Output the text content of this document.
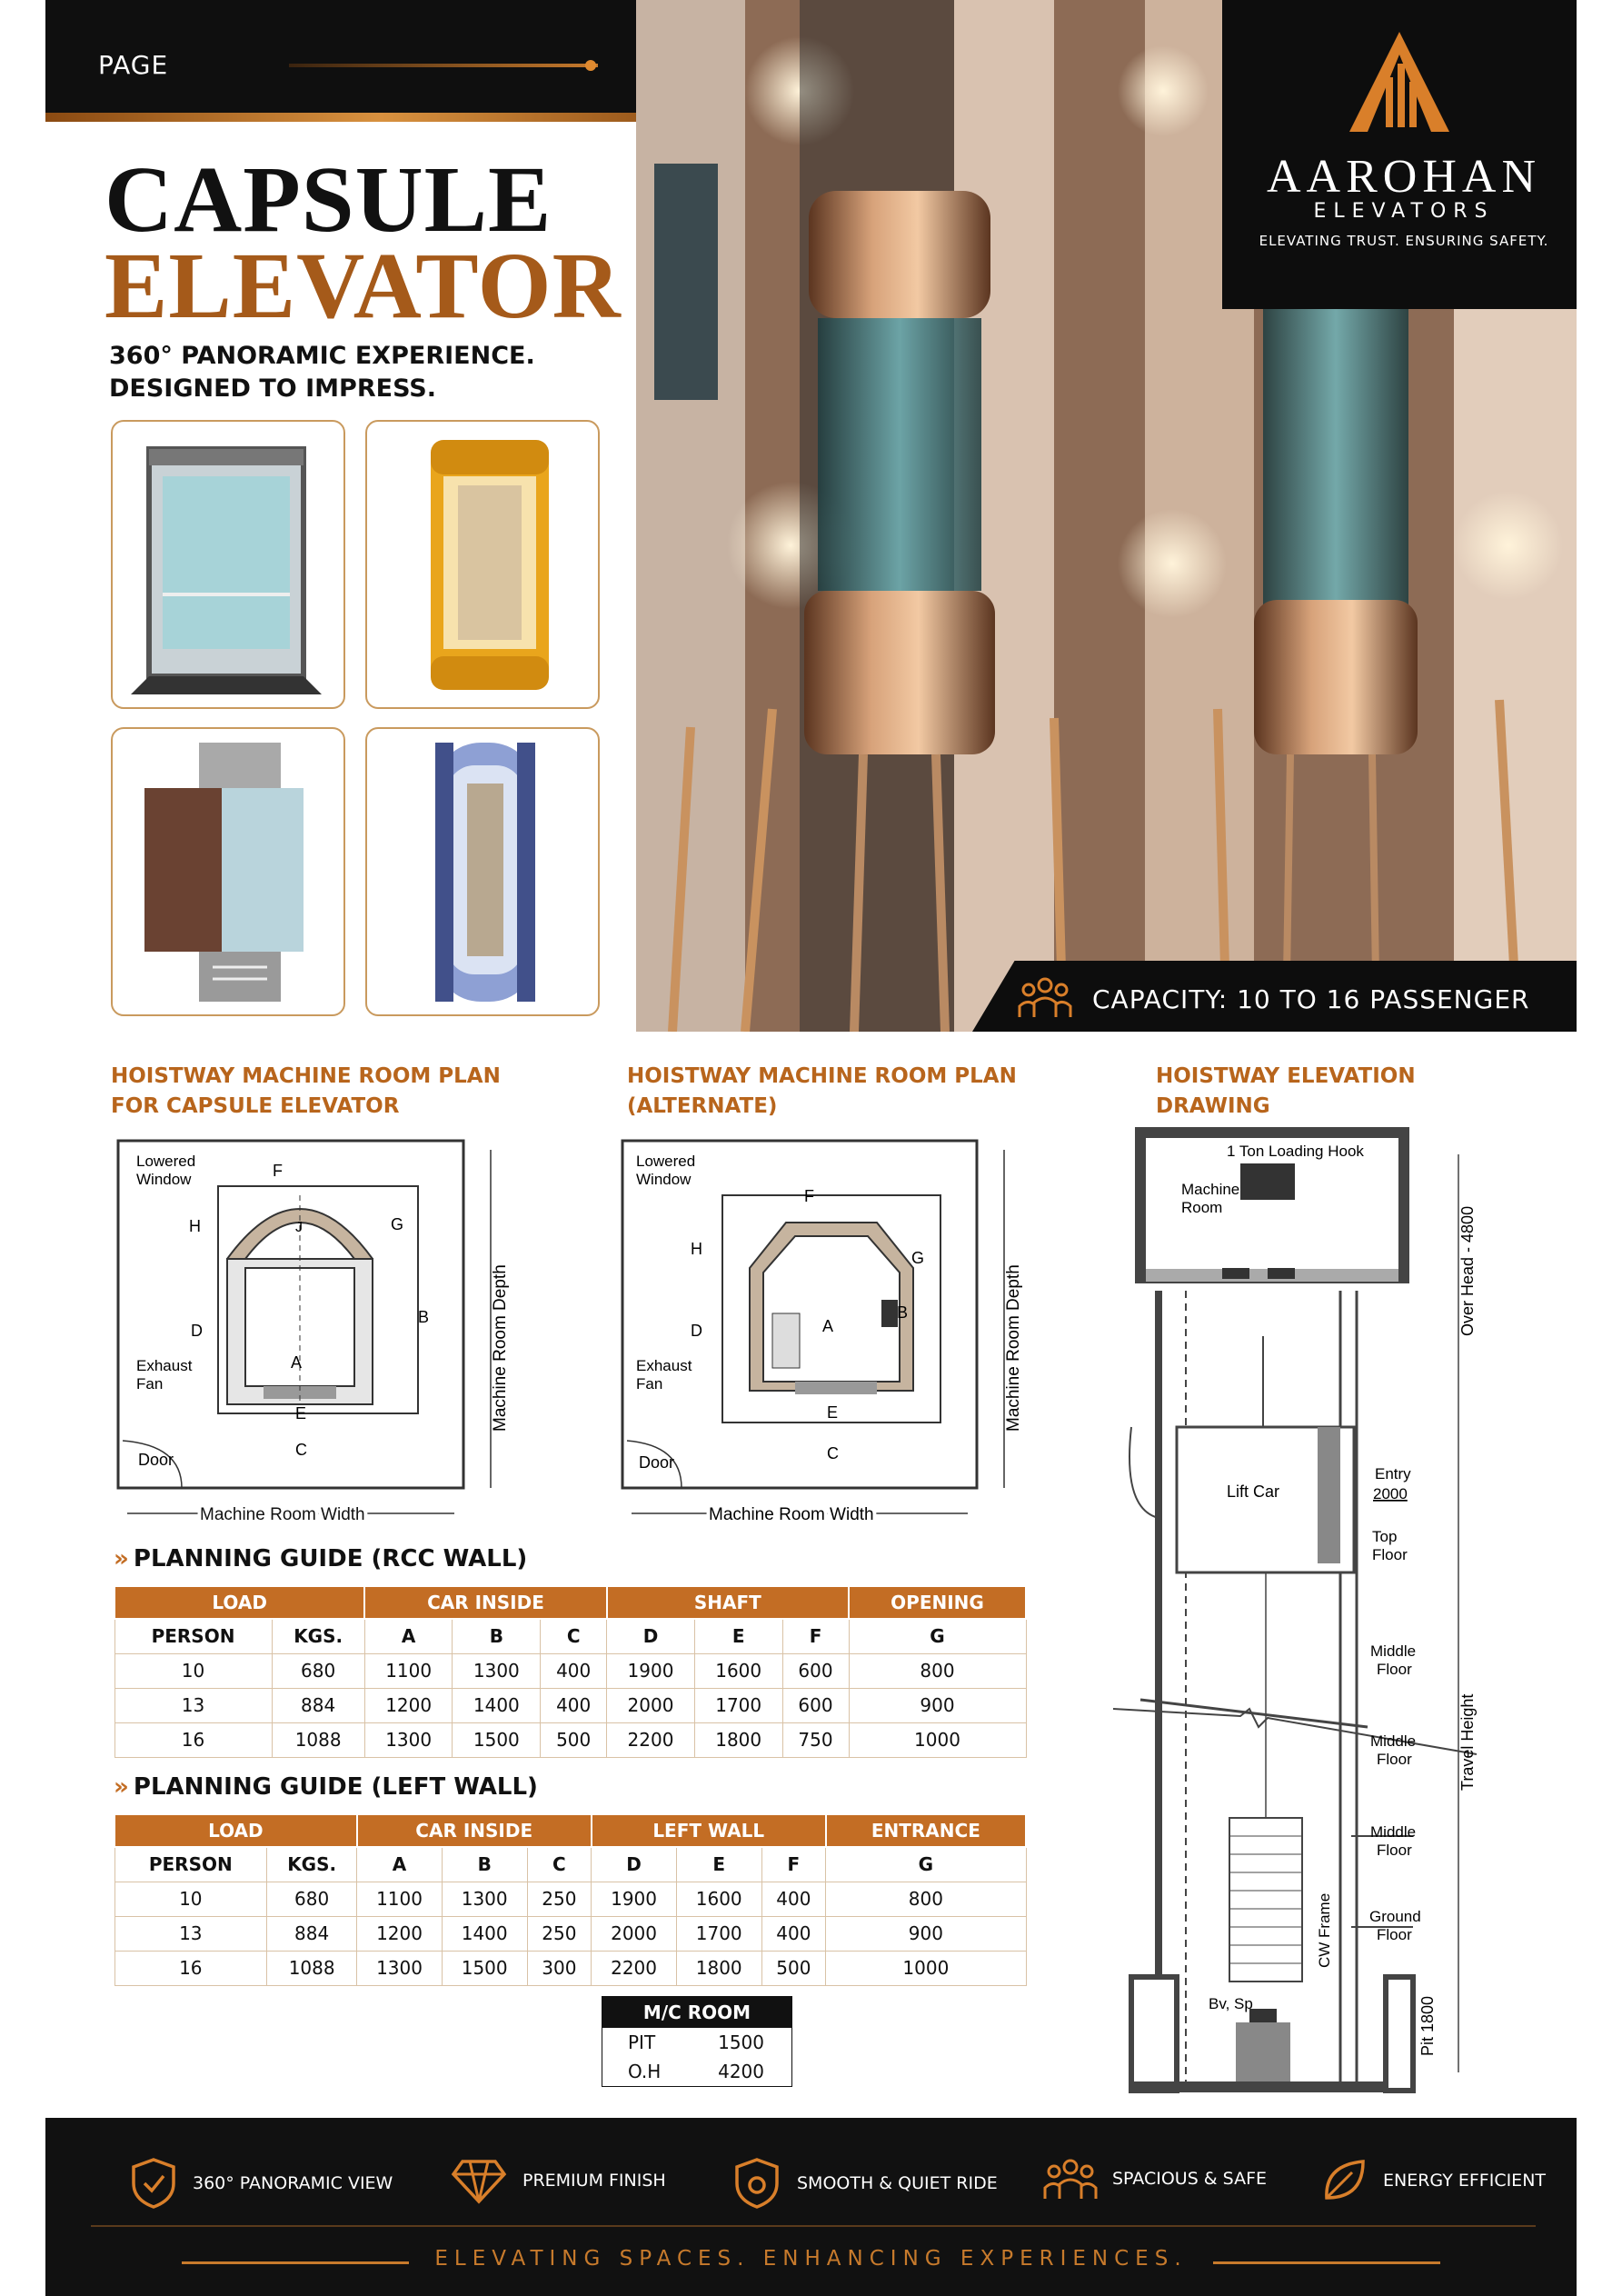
PAGE
CAPSULE
ELEVATOR
360° PANORAMIC EXPERIENCE.
DESIGNED TO IMPRESS.
AAROHAN
ELEVATORS
ELEVATING TRUST. ENSURING SAFETY.
CAPACITY: 10 TO 16 PASSENGER
HOISTWAY MACHINE ROOM PLAN
FOR CAPSULE ELEVATOR
HOISTWAY MACHINE ROOM PLAN
(ALTERNATE)
HOISTWAY ELEVATION
DRAWING
F
G
B
D
A
E
C
H	J
Lowered
Window
Exhaust
Fan
Door
Machine Room Width
Machine Room Depth
F
G
B
D	A
E
C
H
Lowered
Window
Exhaust
Fan
Door
Machine Room Width
Machine Room Depth
1 Ton Loading Hook
Machine
Room	Over Head - 4800
Lift Car
Entry
2000
Top
Floor
Middle
Floor
Middle
Floor
Middle
Floor
Ground
Floor
Travel Height
CW Frame
Bv, Sp	Pit 1800
» PLANNING GUIDE (RCC WALL)
LOAD		CAR INSIDE			SHAFT			OPENING
PERSON	KGS.	A	B	C	D	E	F	G
10	680	1100	1300	400	1900	1600	600	800
13	884	1200	1400	400	2000	1700	600	900
16	1088	1300	1500	500	2200	1800	750	1000
» PLANNING GUIDE (LEFT WALL)
LOAD		CAR INSIDE			LEFT WALL			ENTRANCE
PERSON	KGS.	A	B	C	D	E	F	G
10	680	1100	1300	250	1900	1600	400	800
13	884	1200	1400	250	2000	1700	400	900
16	1088	1300	1500	300	2200	1800	500	1000
M/C ROOM
PIT	1500
O.H	4200
360° PANORAMIC VIEW	PREMIUM FINISH	SMOOTH & QUIET RIDE	SPACIOUS & SAFE	ENERGY EFFICIENT
ELEVATING SPACES. ENHANCING EXPERIENCES.
